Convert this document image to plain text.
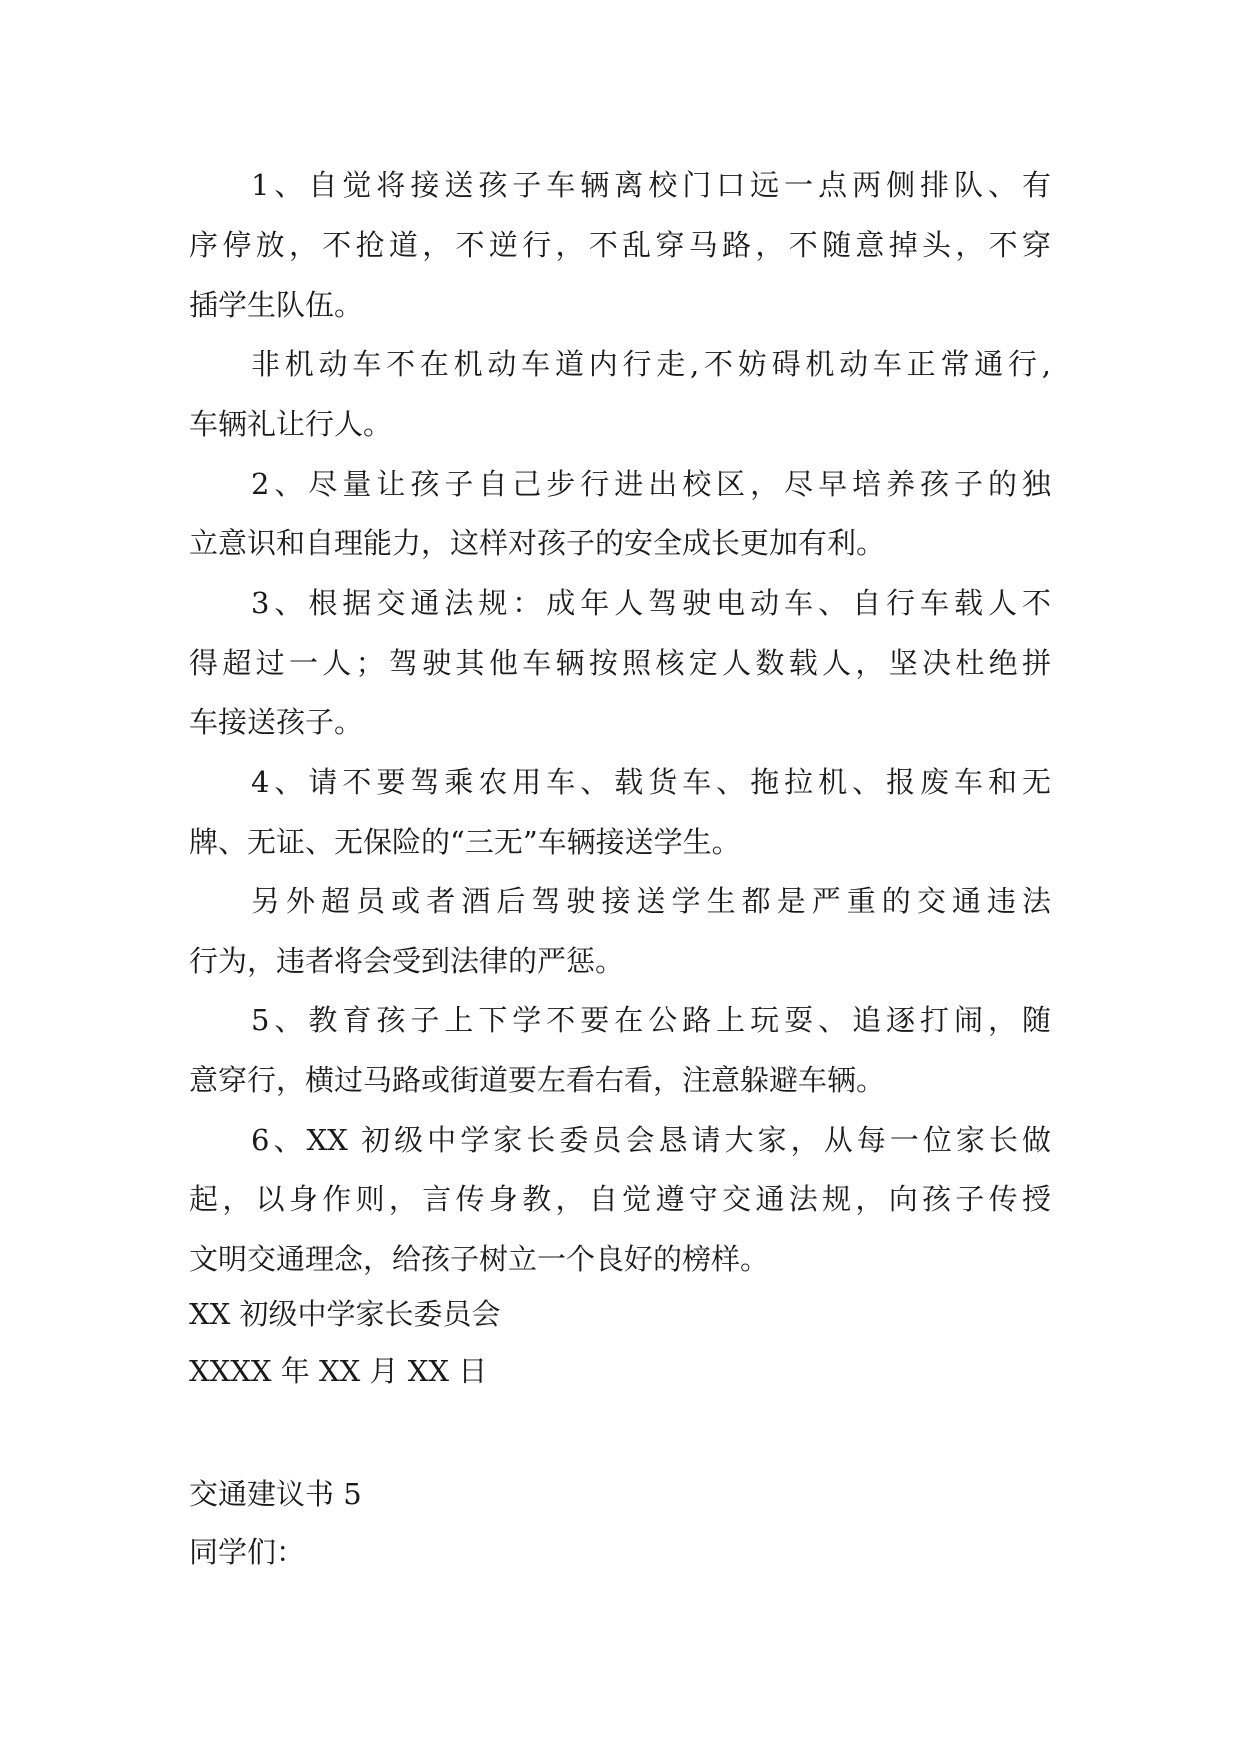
1、自觉将接送孩子车辆离校门口远一点两侧排队、有

序停放，不抢道，不逆行，不乱穿马路，不随意掉头，不穿

插学生队伍。

非机动车不在机动车道内行走,不妨碍机动车正常通行,

车辆礼让行人。

2、尽量让孩子自己步行进出校区，尽早培养孩子的独

立意识和自理能力，这样对孩子的安全成长更加有利。

3、根据交通法规：成年人驾驶电动车、自行车载人不

得超过一人；驾驶其他车辆按照核定人数载人，坚决杜绝拼

车接送孩子。

4、请不要驾乘农用车、载货车、拖拉机、报废车和无

牌、无证、无保险的“三无”车辆接送学生。

另外超员或者酒后驾驶接送学生都是严重的交通违法

行为，违者将会受到法律的严惩。

5、教育孩子上下学不要在公路上玩耍、追逐打闹，随

意穿行，横过马路或街道要左看右看，注意躲避车辆。

6、XX 初级中学家长委员会恳请大家，从每一位家长做

起，以身作则，言传身教，自觉遵守交通法规，向孩子传授

文明交通理念，给孩子树立一个良好的榜样。

XX 初级中学家长委员会

XXXX 年 XX 月 XX 日

交通建议书 5

同学们：
